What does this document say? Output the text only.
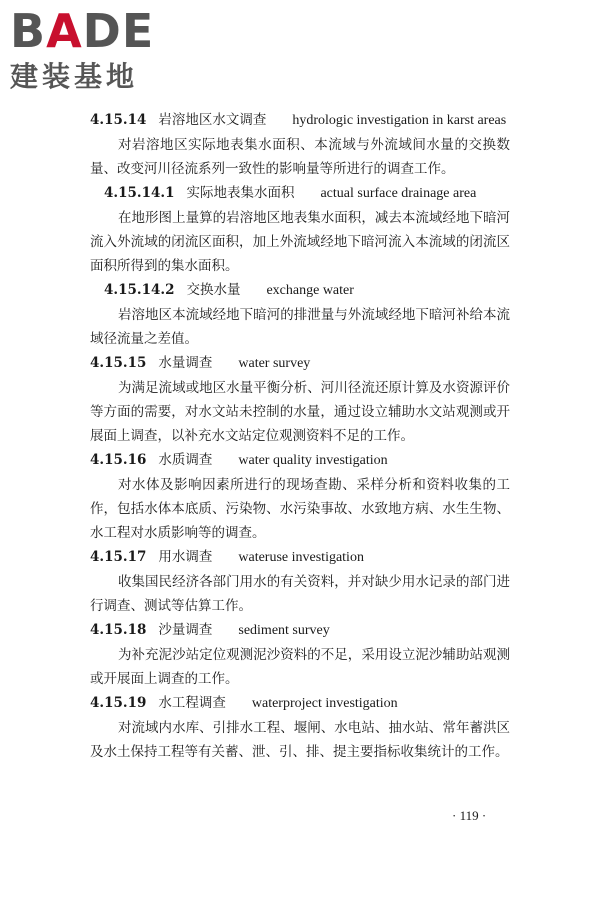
BADE
建装基地

4.15.14 岩溶地区水文调查 hydrologic investigation in karst areas

对岩溶地区实际地表集水面积、本流域与外流域间水量的交换数量、改变河川径流系列一致性的影响量等所进行的调查工作。

4.15.14.1 实际地表集水面积 actual surface drainage area

在地形图上量算的岩溶地区地表集水面积，减去本流域经地下暗河流入外流域的闭流区面积，加上外流域经地下暗河流入本流域的闭流区面积所得到的集水面积。

4.15.14.2 交换水量 exchange water

岩溶地区本流域经地下暗河的排泄量与外流域经地下暗河补给本流域径流量之差值。

4.15.15 水量调查 water survey

为满足流域或地区水量平衡分析、河川径流还原计算及水资源评价等方面的需要，对水文站未控制的水量，通过设立辅助水文站观测或开展面上调查，以补充水文站定位观测资料不足的工作。

4.15.16 水质调查 water quality investigation

对水体及影响因素所进行的现场查勘、采样分析和资料收集的工作，包括水体本底质、污染物、水污染事故、水致地方病、水生生物、水工程对水质影响等的调查。

4.15.17 用水调查 wateruse investigation

收集国民经济各部门用水的有关资料，并对缺少用水记录的部门进行调查、测试等估算工作。

4.15.18 沙量调查 sediment survey

为补充泥沙站定位观测泥沙资料的不足，采用设立泥沙辅助站观测或开展面上调查的工作。

4.15.19 水工程调查 waterproject investigation

对流域内水库、引排水工程、堰闸、水电站、抽水站、常年蓄洪区及水土保持工程等有关蓄、泄、引、排、提主要指标收集统计的工作。

· 119 ·
